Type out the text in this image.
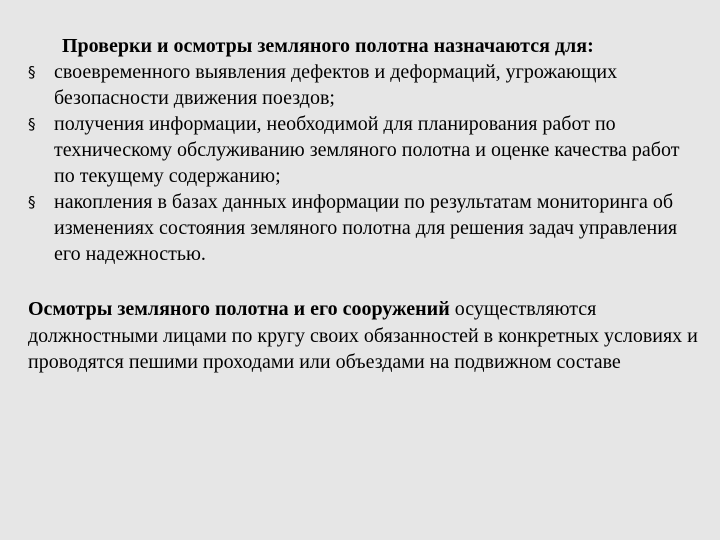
Проверки и осмотры земляного полотна назначаются для:
§ своевременного выявления дефектов и деформаций, угрожающих безопасности движения поездов;
§ получения информации, необходимой для планирования работ по техническому обслуживанию земляного полотна и оценке качества работ по текущему содержанию;
§ накопления в базах данных информации по результатам мониторинга об изменениях состояния земляного полотна для решения задач управления его надежностью.

Осмотры земляного полотна и его сооружений осуществляются должностными лицами по кругу своих обязанностей в конкретных условиях и проводятся пешими проходами или объездами на подвижном составе
